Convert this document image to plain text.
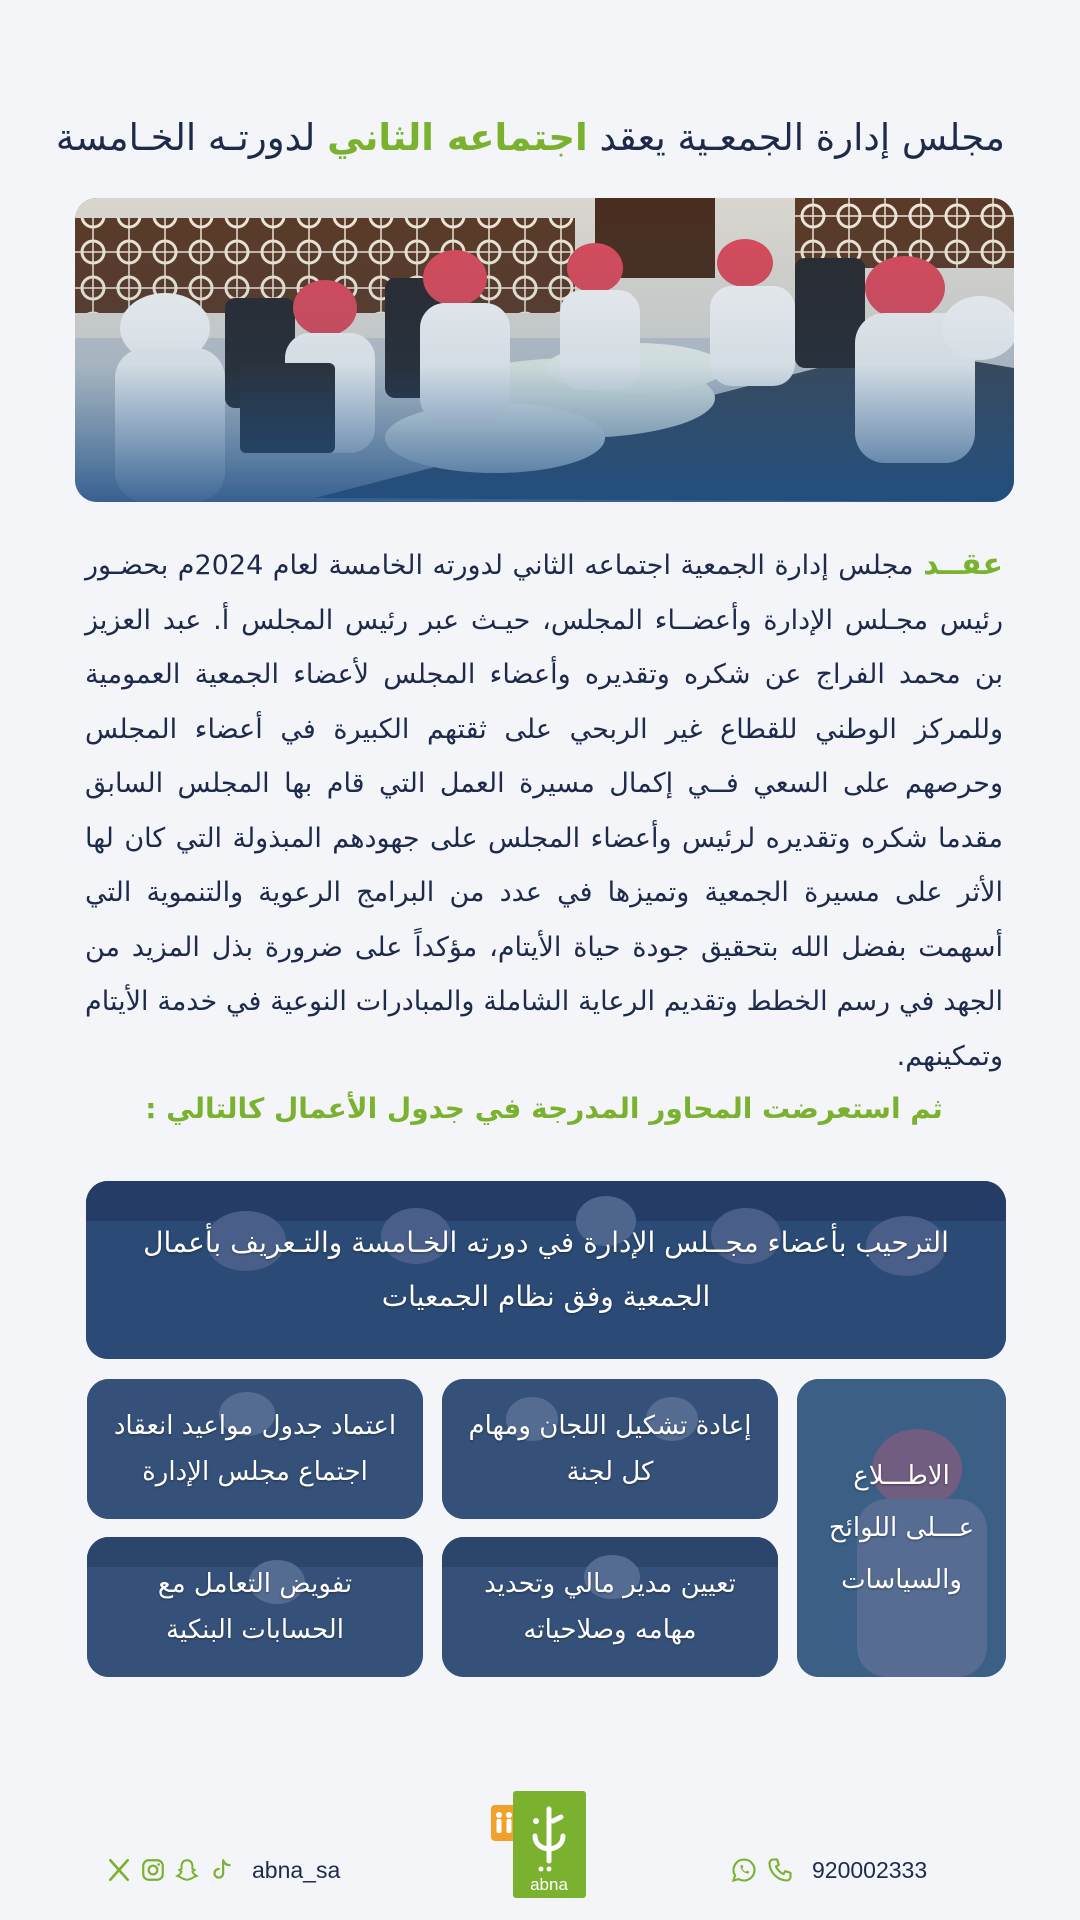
مجلس إدارة الجمعـية يعقد اجتماعه الثاني لدورتـه الخـامسة
عقــد مجلس إدارة الجمعية اجتماعه الثاني لدورته الخامسة لعام 2024م بحضـور رئيس مجـلس الإدارة وأعضــاء المجلس، حيـث عبر رئيس المجلس أ. عبد العزيز بن محمد الفراج عن شكره وتقديره وأعضاء المجلس لأعضاء الجمعية العمومية وللمركز الوطني للقطاع غير الربحي على ثقتهم الكبيرة في أعضاء المجلس وحرصهم على السعي فــي إكمال مسيرة العمل التي قام بها المجلس السابق مقدما شكره وتقديره لرئيس وأعضاء المجلس على جهودهم المبذولة التي كان لها الأثر على مسيرة الجمعية وتميزها في عدد من البرامج الرعوية والتنموية التي أسهمت بفضل الله بتحقيق جودة حياة الأيتام، مؤكداً على ضرورة بذل المزيد من الجهد في رسم الخطط وتقديم الرعاية الشاملة والمبادرات النوعية في خدمة الأيتام وتمكينهم.
ثم استعرضت المحاور المدرجة في جدول الأعمال كالتالي :
الترحيب بأعضاء مجــلس الإدارة في دورته الخـامسة والتـعريف بأعمال الجمعية وفق نظام الجمعيات
الاطـــلاع عـــلى اللوائح والسياسات
إعادة تشكيل اللجان ومهام كل لجنة
اعتماد جدول مواعيد انعقاد اجتماع مجلس الإدارة
تعيين مدير مالي وتحديد مهامه وصلاحياته
تفويض التعامل مع الحسابات البنكية
abna_sa
abna
920002333
